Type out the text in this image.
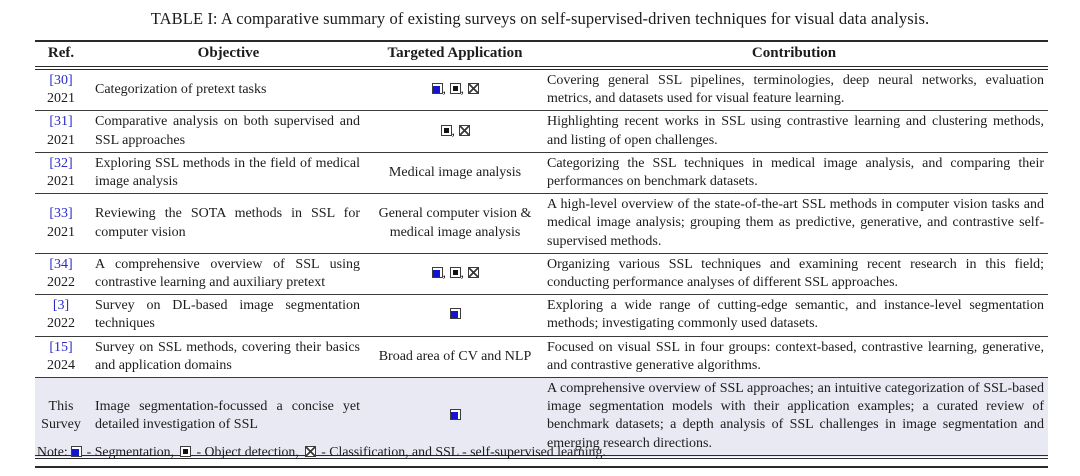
TABLE I: A comparative summary of existing surveys on self-supervised-driven techniques for visual data analysis.
Ref.	Objective	Targeted Application	Contribution

[30]
2021	Categorization of pretext tasks	, ,	Covering general SSL pipelines, terminologies, deep neural networks, evaluation metrics, and datasets used for visual feature learning.

[31]
2021	Comparative analysis on both supervised and SSL approaches	,	Highlighting recent works in SSL using contrastive learning and clustering methods, and listing of open challenges.

[32]
2021	Exploring SSL methods in the field of medical image analysis	Medical image analysis	Categorizing the SSL techniques in medical image analysis, and comparing their performances on benchmark datasets.

[33]
2021	Reviewing the SOTA methods in SSL for computer vision	General computer vision & medical image analysis	A high-level overview of the state-of-the-art SSL methods in computer vision tasks and medical image analysis; grouping them as predictive, generative, and contrastive self-supervised methods.

[34]
2022	A comprehensive overview of SSL using contrastive learning and auxiliary pretext	, ,	Organizing various SSL techniques and examining recent research in this field; conducting performance analyses of different SSL approaches.

[3]
2022	Survey on DL-based image segmentation techniques		Exploring a wide range of cutting-edge semantic, and instance-level segmentation methods; investigating commonly used datasets.

[15]
2024	Survey on SSL methods, covering their basics and application domains	Broad area of CV and NLP	Focused on visual SSL in four groups: context-based, contrastive learning, generative, and contrastive generative algorithms.

This
Survey	Image segmentation-focussed a concise yet detailed investigation of SSL		A comprehensive overview of SSL approaches; an intuitive categorization of SSL-based image segmentation models with their application examples; a curated review of benchmark datasets; a depth analysis of SSL challenges in image segmentation and emerging research directions.
Note: - Segmentation, - Object detection, - Classification, and SSL - self-supervised learning.
